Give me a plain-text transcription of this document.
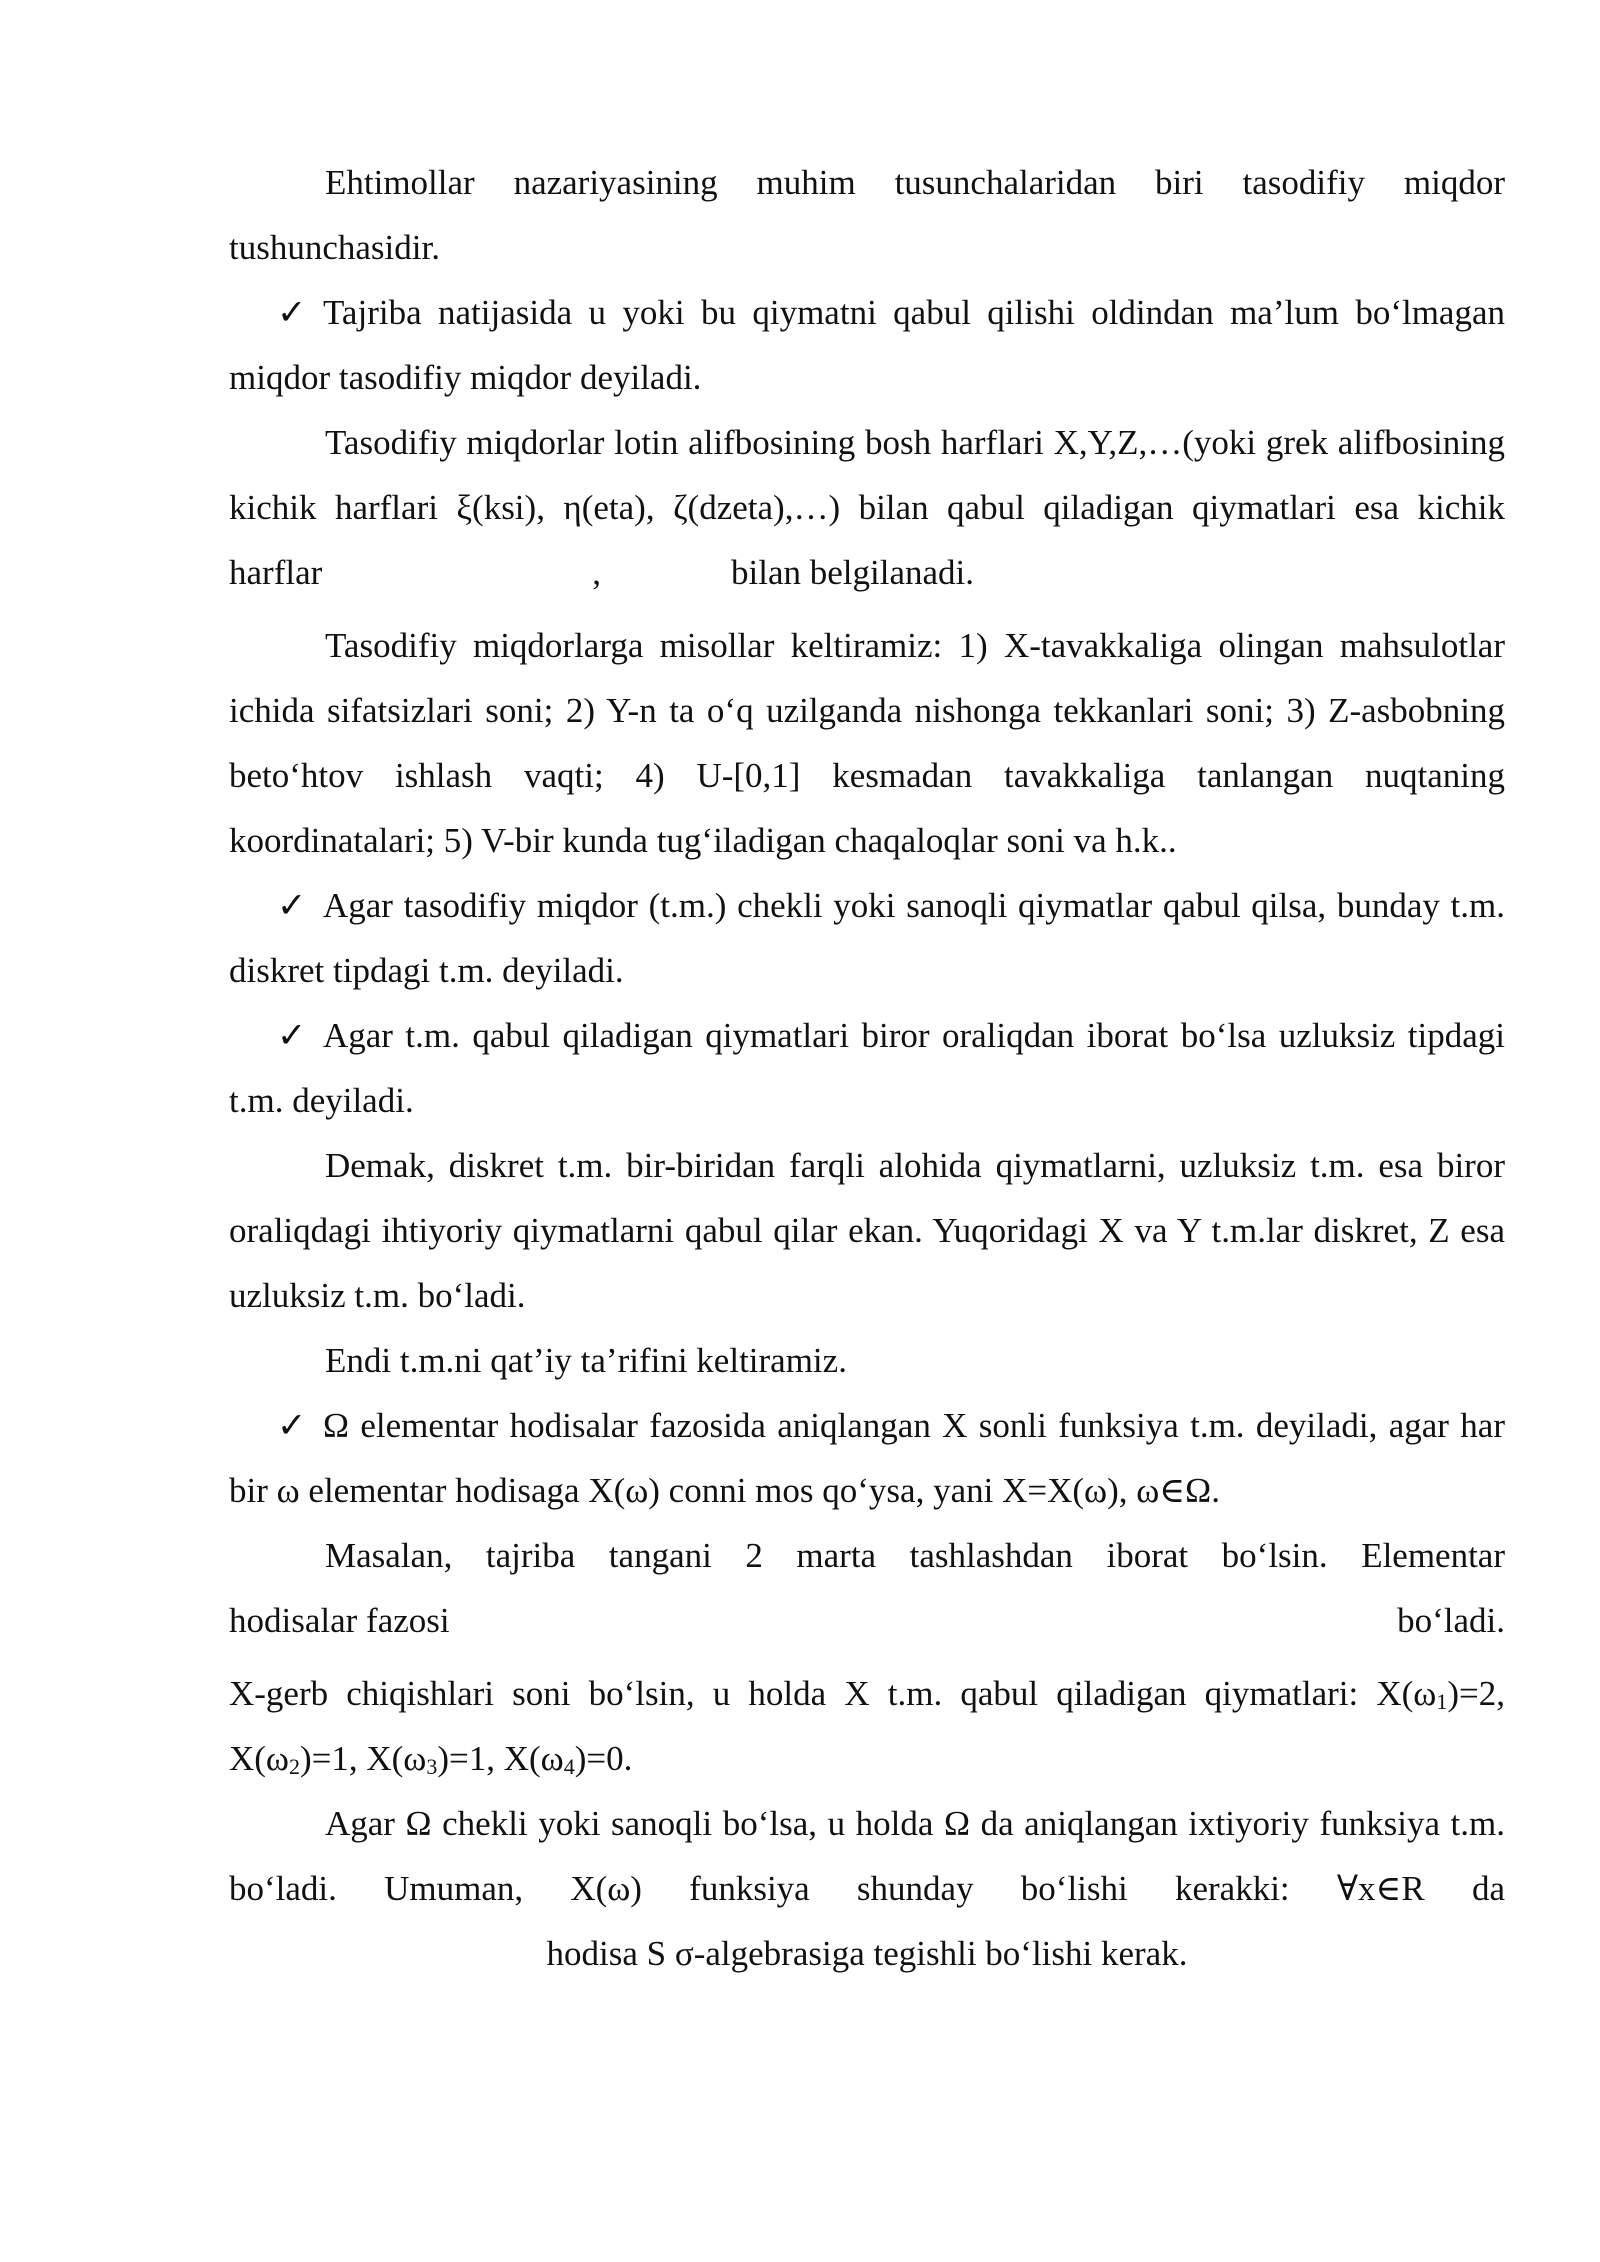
Ehtimollar nazariyasining muhim tusunchalaridan biri tasodifiy miqdor tushunchasidir.

✓ Tajriba natijasida u yoki bu qiymatni qabul qilishi oldindan ma’lum bo‘lmagan miqdor tasodifiy miqdor deyiladi.

Tasodifiy miqdorlar lotin alifbosining bosh harflari X,Y,Z,…(yoki grek alifbosining kichik harflari ξ(ksi), η(eta), ζ(dzeta),…) bilan qabul qiladigan qiymatlari esa kichik harflar	,	bilan belgilanadi.

Tasodifiy miqdorlarga misollar keltiramiz: 1) X-tavakkaliga olingan mahsulotlar ichida sifatsizlari soni; 2) Y-n ta o‘q uzilganda nishonga tekkanlari soni; 3) Z-asbobning beto‘htov ishlash vaqti; 4) U-[0,1] kesmadan tavakkaliga tanlangan nuqtaning koordinatalari; 5) V-bir kunda tug‘iladigan chaqaloqlar soni va h.k..

✓ Agar tasodifiy miqdor (t.m.) chekli yoki sanoqli qiymatlar qabul qilsa, bunday t.m. diskret tipdagi t.m. deyiladi.

✓ Agar t.m. qabul qiladigan qiymatlari biror oraliqdan iborat bo‘lsa uzluksiz tipdagi t.m. deyiladi.

Demak, diskret t.m. bir-biridan farqli alohida qiymatlarni, uzluksiz t.m. esa biror oraliqdagi ihtiyoriy qiymatlarni qabul qilar ekan. Yuqoridagi X va Y t.m.lar diskret, Z esa uzluksiz t.m. bo‘ladi.

Endi t.m.ni qat’iy ta’rifini keltiramiz.

✓ Ω elementar hodisalar fazosida aniqlangan X sonli funksiya t.m. deyiladi, agar har bir ω elementar hodisaga X(ω) conni mos qo‘ysa, yani X=X(ω), ω∈Ω.

Masalan, tajriba tangani 2 marta tashlashdan iborat bo‘lsin. Elementar

hodisalar fazosi	bo‘ladi.

X-gerb chiqishlari soni bo‘lsin, u holda X t.m. qabul qiladigan qiymatlari: X(ω1)=2, X(ω2)=1, X(ω3)=1, X(ω4)=0.

Agar Ω chekli yoki sanoqli bo‘lsa, u holda Ω da aniqlangan ixtiyoriy funksiya t.m. bo‘ladi. Umuman, X(ω) funksiya shunday bo‘lishi kerakki: ∀x∈R da

hodisa S σ-algebrasiga tegishli bo‘lishi kerak.
